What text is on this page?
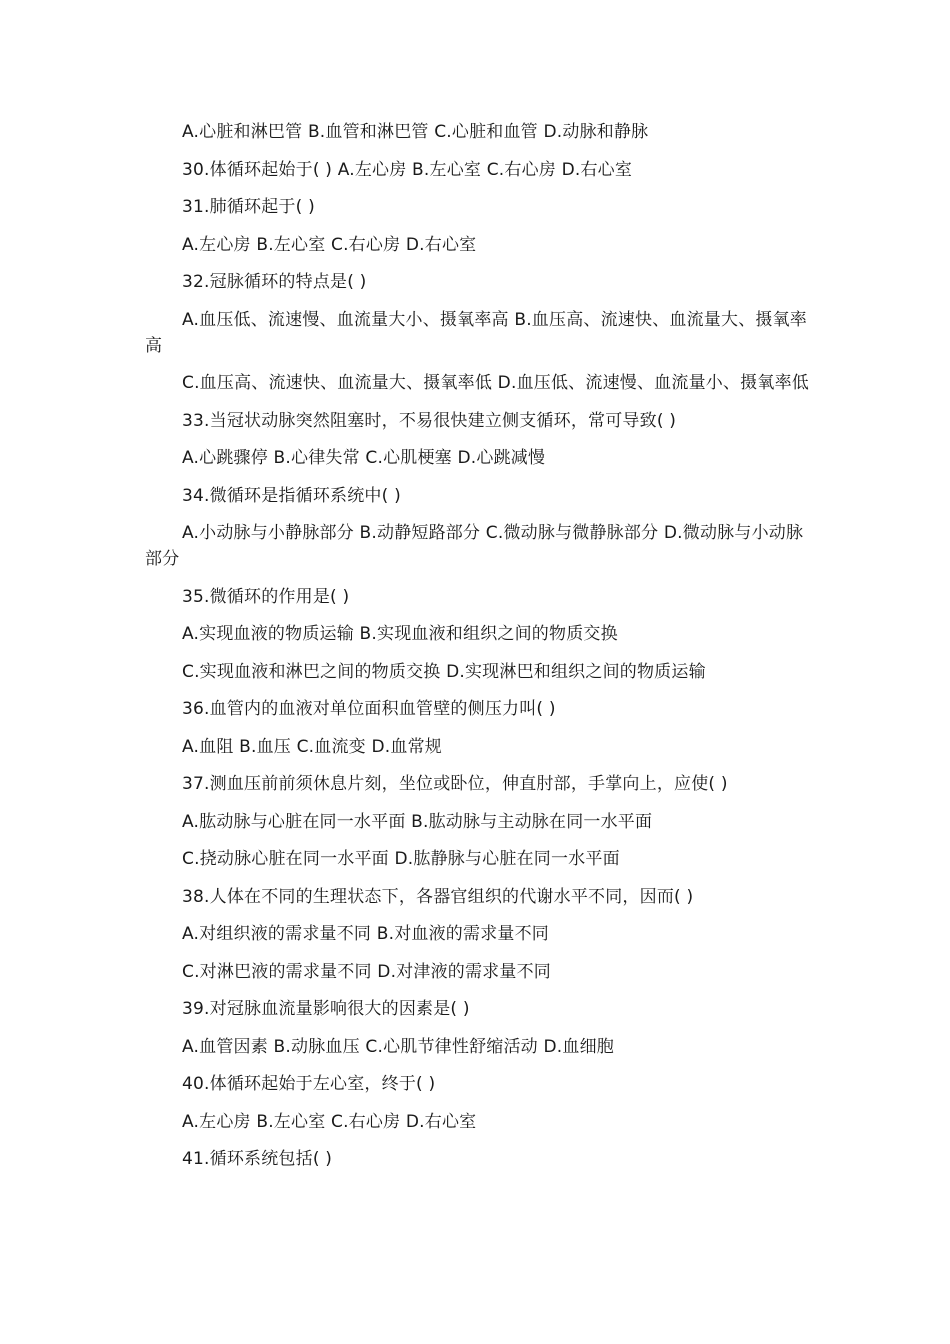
A.心脏和淋巴管 B.血管和淋巴管 C.心脏和血管 D.动脉和静脉

30.体循环起始于( ) A.左心房 B.左心室 C.右心房 D.右心室

31.肺循环起于( )

A.左心房 B.左心室 C.右心房 D.右心室

32.冠脉循环的特点是( )

A.血压低、流速慢、血流量大小、摄氧率高 B.血压高、流速快、血流量大、摄氧率高

C.血压高、流速快、血流量大、摄氧率低 D.血压低、流速慢、血流量小、摄氧率低

33.当冠状动脉突然阻塞时，不易很快建立侧支循环，常可导致( )

A.心跳骤停 B.心律失常 C.心肌梗塞 D.心跳减慢

34.微循环是指循环系统中( )

A.小动脉与小静脉部分 B.动静短路部分 C.微动脉与微静脉部分 D.微动脉与小动脉部分

35.微循环的作用是( )

A.实现血液的物质运输 B.实现血液和组织之间的物质交换

C.实现血液和淋巴之间的物质交换 D.实现淋巴和组织之间的物质运输

36.血管内的血液对单位面积血管壁的侧压力叫( )

A.血阻 B.血压 C.血流变 D.血常规

37.测血压前前须休息片刻，坐位或卧位，伸直肘部，手掌向上，应使( )

A.肱动脉与心脏在同一水平面 B.肱动脉与主动脉在同一水平面

C.挠动脉心脏在同一水平面 D.肱静脉与心脏在同一水平面

38.人体在不同的生理状态下，各器官组织的代谢水平不同，因而( )

A.对组织液的需求量不同 B.对血液的需求量不同

C.对淋巴液的需求量不同 D.对津液的需求量不同

39.对冠脉血流量影响很大的因素是( )

A.血管因素 B.动脉血压 C.心肌节律性舒缩活动 D.血细胞

40.体循环起始于左心室，终于( )

A.左心房 B.左心室 C.右心房 D.右心室

41.循环系统包括( )
